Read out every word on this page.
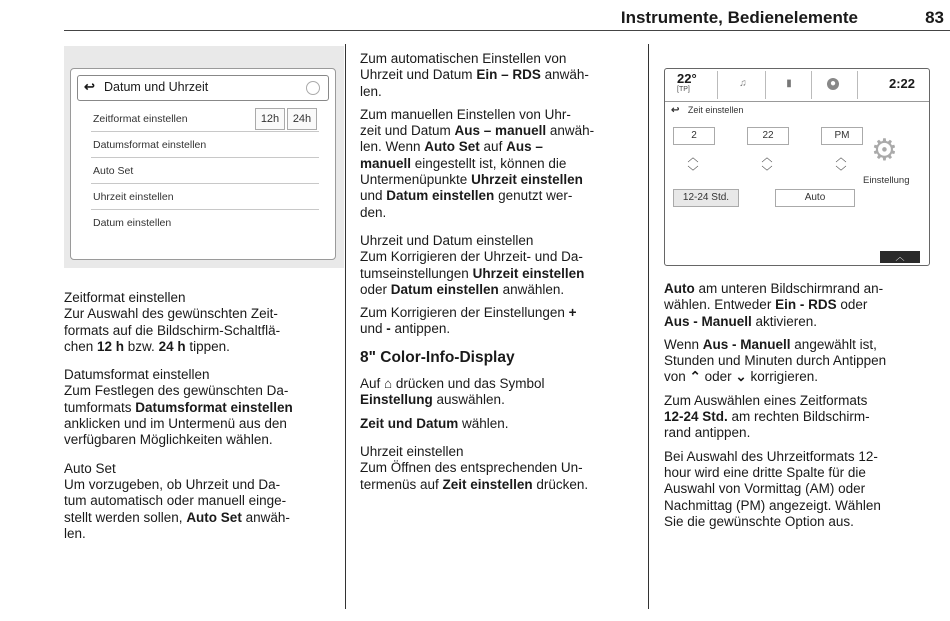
Instrumente, Bedienelemente	83
↩ Datum und Uhrzeit
Zeitformat einstellen	12h	24h
Datumsformat einstellen
Auto Set
Uhrzeit einstellen
Datum einstellen
22°
[TP]
♫	▮	●	2:22
↩ Zeit einstellen
2	22	PM
︿
﹀
︿
﹀
︿
﹀
12-24 Std.	Auto
⚙
Einstellung
︿

Zeitformat einstellen
Zur Auswahl des gewünschten Zeit-
formats auf die Bildschirm-Schaltflä-
chen 12 h bzw. 24 h tippen.

Datumsformat einstellen
Zum Festlegen des gewünschten Da-
tumformats Datumsformat einstellen
anklicken und im Untermenü aus den
verfügbaren Möglichkeiten wählen.

Auto Set
Um vorzugeben, ob Uhrzeit und Da-
tum automatisch oder manuell einge-
stellt werden sollen, Auto Set anwäh-
len.

Zum automatischen Einstellen von
Uhrzeit und Datum Ein – RDS anwäh-
len.

Zum manuellen Einstellen von Uhr-
zeit und Datum Aus – manuell anwäh-
len. Wenn Auto Set auf Aus –
manuell eingestellt ist, können die
Untermenüpunkte Uhrzeit einstellen
und Datum einstellen genutzt wer-
den.

Uhrzeit und Datum einstellen
Zum Korrigieren der Uhrzeit- und Da-
tumseinstellungen Uhrzeit einstellen
oder Datum einstellen anwählen.

Zum Korrigieren der Einstellungen +
und - antippen.

8" Color-Info-Display

Auf ⌂ drücken und das Symbol
Einstellung auswählen.

Zeit und Datum wählen.

Uhrzeit einstellen
Zum Öffnen des entsprechenden Un-
termenüs auf Zeit einstellen drücken.

Auto am unteren Bildschirmrand an-
wählen. Entweder Ein - RDS oder
Aus - Manuell aktivieren.

Wenn Aus - Manuell angewählt ist,
Stunden und Minuten durch Antippen
von ⌃ oder ⌄ korrigieren.

Zum Auswählen eines Zeitformats
12-24 Std. am rechten Bildschirm-
rand antippen.

Bei Auswahl des Uhrzeitformats 12-
hour wird eine dritte Spalte für die
Auswahl von Vormittag (AM) oder
Nachmittag (PM) angezeigt. Wählen
Sie die gewünschte Option aus.
